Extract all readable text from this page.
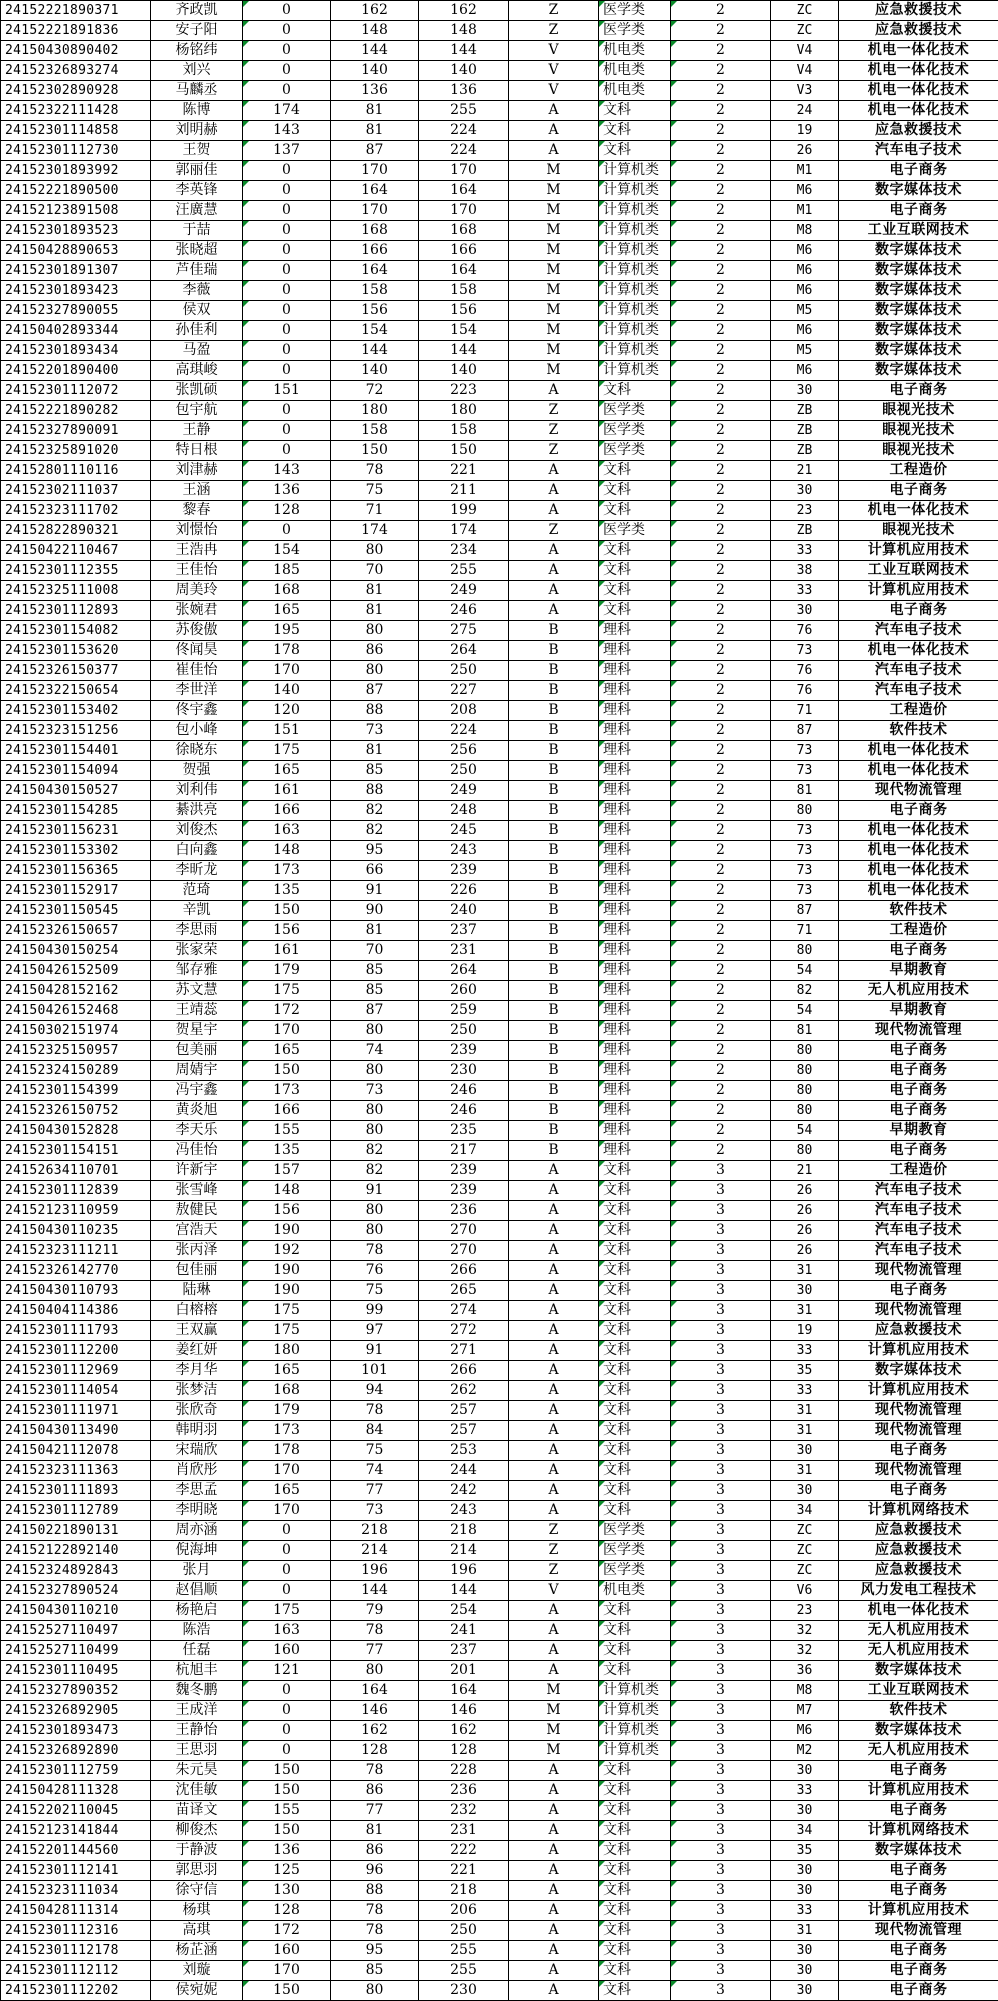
24152221890371	齐政凯	0	162	162	Z	医学类	2	ZC	应急救援技术
24152221891836	安子阳	0	148	148	Z	医学类	2	ZC	应急救援技术
24150430890402	杨铭纬	0	144	144	V	机电类	2	V4	机电一体化技术
24152326893274	刘兴	0	140	140	V	机电类	2	V4	机电一体化技术
24152302890928	马麟丞	0	136	136	V	机电类	2	V3	机电一体化技术
24152322111428	陈博	174	81	255	A	文科	2	24	机电一体化技术
24152301114858	刘明赫	143	81	224	A	文科	2	19	应急救援技术
24152301112730	王贺	137	87	224	A	文科	2	26	汽车电子技术
24152301893992	郭丽佳	0	170	170	M	计算机类	2	M1	电子商务
24152221890500	李英锋	0	164	164	M	计算机类	2	M6	数字媒体技术
24152123891508	汪廣慧	0	170	170	M	计算机类	2	M1	电子商务
24152301893523	于喆	0	168	168	M	计算机类	2	M8	工业互联网技术
24150428890653	张晓超	0	166	166	M	计算机类	2	M6	数字媒体技术
24152301891307	芦佳瑞	0	164	164	M	计算机类	2	M6	数字媒体技术
24152301893423	李薇	0	158	158	M	计算机类	2	M6	数字媒体技术
24152327890055	侯双	0	156	156	M	计算机类	2	M5	数字媒体技术
24150402893344	孙佳利	0	154	154	M	计算机类	2	M6	数字媒体技术
24152301893434	马盈	0	144	144	M	计算机类	2	M5	数字媒体技术
24152201890400	高琪峻	0	140	140	M	计算机类	2	M6	数字媒体技术
24152301112072	张凯硕	151	72	223	A	文科	2	30	电子商务
24152221890282	包宇航	0	180	180	Z	医学类	2	ZB	眼视光技术
24152327890091	王静	0	158	158	Z	医学类	2	ZB	眼视光技术
24152325891020	特日根	0	150	150	Z	医学类	2	ZB	眼视光技术
24152801110116	刘津赫	143	78	221	A	文科	2	21	工程造价
24152302111037	王涵	136	75	211	A	文科	2	30	电子商务
24152323111702	黎春	128	71	199	A	文科	2	23	机电一体化技术
24152822890321	刘憬怡	0	174	174	Z	医学类	2	ZB	眼视光技术
24150422110467	王浩冉	154	80	234	A	文科	2	33	计算机应用技术
24152301112355	王佳怡	185	70	255	A	文科	2	38	工业互联网技术
24152325111008	周美玲	168	81	249	A	文科	2	33	计算机应用技术
24152301112893	张婉君	165	81	246	A	文科	2	30	电子商务
24152301154082	苏俊傲	195	80	275	B	理科	2	76	汽车电子技术
24152301153620	佟闻昊	178	86	264	B	理科	2	73	机电一体化技术
24152326150377	崔佳怡	170	80	250	B	理科	2	76	汽车电子技术
24152322150654	李世洋	140	87	227	B	理科	2	76	汽车电子技术
24152301153402	佟宇鑫	120	88	208	B	理科	2	71	工程造价
24152323151256	包小峰	151	73	224	B	理科	2	87	软件技术
24152301154401	徐晓东	175	81	256	B	理科	2	73	机电一体化技术
24152301154094	贺强	165	85	250	B	理科	2	73	机电一体化技术
24150430150527	刘利伟	161	88	249	B	理科	2	81	现代物流管理
24152301154285	綦洪亮	166	82	248	B	理科	2	80	电子商务
24152301156231	刘俊杰	163	82	245	B	理科	2	73	机电一体化技术
24152301153302	白向鑫	148	95	243	B	理科	2	73	机电一体化技术
24152301156365	李昕龙	173	66	239	B	理科	2	73	机电一体化技术
24152301152917	范琦	135	91	226	B	理科	2	73	机电一体化技术
24152301150545	辛凯	150	90	240	B	理科	2	87	软件技术
24152326150657	李思雨	156	81	237	B	理科	2	71	工程造价
24150430150254	张家荣	161	70	231	B	理科	2	80	电子商务
24150426152509	邹存雅	179	85	264	B	理科	2	54	早期教育
24150428152162	苏文慧	175	85	260	B	理科	2	82	无人机应用技术
24150426152468	王靖蕊	172	87	259	B	理科	2	54	早期教育
24150302151974	贺星宇	170	80	250	B	理科	2	81	现代物流管理
24152325150957	包美丽	165	74	239	B	理科	2	80	电子商务
24152324150289	周婧宇	150	80	230	B	理科	2	80	电子商务
24152301154399	冯宇鑫	173	73	246	B	理科	2	80	电子商务
24152326150752	黄炎旭	166	80	246	B	理科	2	80	电子商务
24150430152828	李天乐	155	80	235	B	理科	2	54	早期教育
24152301154151	冯佳怡	135	82	217	B	理科	2	80	电子商务
24152634110701	许新宇	157	82	239	A	文科	3	21	工程造价
24152301112839	张雪峰	148	91	239	A	文科	3	26	汽车电子技术
24152123110959	敖健民	156	80	236	A	文科	3	26	汽车电子技术
24150430110235	宫浩天	190	80	270	A	文科	3	26	汽车电子技术
24152323111211	张丙泽	192	78	270	A	文科	3	26	汽车电子技术
24152326142770	包佳丽	190	76	266	A	文科	3	31	现代物流管理
24150430110793	陆琳	190	75	265	A	文科	3	30	电子商务
24150404114386	白榕榕	175	99	274	A	文科	3	31	现代物流管理
24152301111793	王双赢	175	97	272	A	文科	3	19	应急救援技术
24152301112200	姜红妍	180	91	271	A	文科	3	33	计算机应用技术
24152301112969	李月华	165	101	266	A	文科	3	35	数字媒体技术
24152301114054	张梦洁	168	94	262	A	文科	3	33	计算机应用技术
24152301111971	张欣奇	179	78	257	A	文科	3	31	现代物流管理
24150430113490	韩明羽	173	84	257	A	文科	3	31	现代物流管理
24150421112078	宋瑞欣	178	75	253	A	文科	3	30	电子商务
24152323111363	肖欣彤	170	74	244	A	文科	3	31	现代物流管理
24152301111893	李思孟	165	77	242	A	文科	3	30	电子商务
24152301112789	李明晓	170	73	243	A	文科	3	34	计算机网络技术
24150221890131	周亦涵	0	218	218	Z	医学类	3	ZC	应急救援技术
24152122892140	倪海坤	0	214	214	Z	医学类	3	ZC	应急救援技术
24152324892843	张月	0	196	196	Z	医学类	3	ZC	应急救援技术
24152327890524	赵倡顺	0	144	144	V	机电类	3	V6	风力发电工程技术
24150430110210	杨艳启	175	79	254	A	文科	3	23	机电一体化技术
24152527110497	陈浩	163	78	241	A	文科	3	32	无人机应用技术
24152527110499	任磊	160	77	237	A	文科	3	32	无人机应用技术
24152301110495	杭旭丰	121	80	201	A	文科	3	36	数字媒体技术
24152327890352	魏冬鹏	0	164	164	M	计算机类	3	M8	工业互联网技术
24152326892905	王成洋	0	146	146	M	计算机类	3	M7	软件技术
24152301893473	王静怡	0	162	162	M	计算机类	3	M6	数字媒体技术
24152326892890	王思羽	0	128	128	M	计算机类	3	M2	无人机应用技术
24152301112759	朱元昊	150	78	228	A	文科	3	30	电子商务
24150428111328	沈佳敏	150	86	236	A	文科	3	33	计算机应用技术
24152202110045	苗译文	155	77	232	A	文科	3	30	电子商务
24152123141844	柳俊杰	150	81	231	A	文科	3	34	计算机网络技术
24152201144560	于静波	136	86	222	A	文科	3	35	数字媒体技术
24152301112141	郭思羽	125	96	221	A	文科	3	30	电子商务
24152323111034	徐守信	130	88	218	A	文科	3	30	电子商务
24150428111314	杨琪	128	78	206	A	文科	3	33	计算机应用技术
24152301112316	高琪	172	78	250	A	文科	3	31	现代物流管理
24152301112178	杨芷涵	160	95	255	A	文科	3	30	电子商务
24152301112112	刘璇	170	85	255	A	文科	3	30	电子商务
24152301112202	侯宛妮	150	80	230	A	文科	3	30	电子商务
